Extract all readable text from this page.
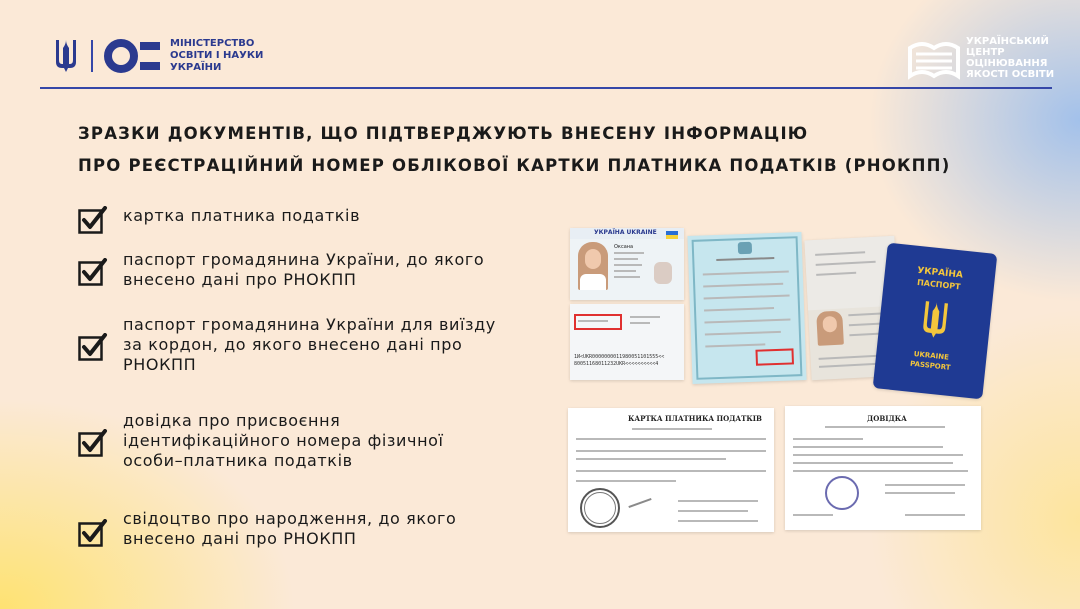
МІНІСТЕРСТВО
ОСВІТИ І НАУКИ
УКРАЇНИ
УКРАЇНСЬКИЙ
ЦЕНТР
ОЦІНЮВАННЯ
ЯКОСТІ ОСВІТИ
ЗРАЗКИ ДОКУМЕНТІВ, ЩО ПІДТВЕРДЖУЮТЬ ВНЕСЕНУ ІНФОРМАЦІЮ
ПРО РЕЄСТРАЦІЙНИЙ НОМЕР ОБЛІКОВОЇ КАРТКИ ПЛАТНИКА ПОДАТКІВ (РНОКПП)
картка платника податків
паспорт громадянина України, до якого внесено дані про РНОКПП
паспорт громадянина України для виїзду за кордон, до якого внесено дані про РНОКПП
довідка про присвоєння ідентифікаційного номера фізичної особи–платника податків
свідоцтво про народження, до якого внесено дані про РНОКПП
УКРАЇНА UKRAINE
Оксана
1И<UKR0000000011980051101555<<
80051168011232UKR<<<<<<<<<<4
УКРАЇНА
ПАСПОРТ
UKRAINE
PASSPORT
КАРТКА ПЛАТНИКА ПОДАТКІВ	ДОВІДКА
